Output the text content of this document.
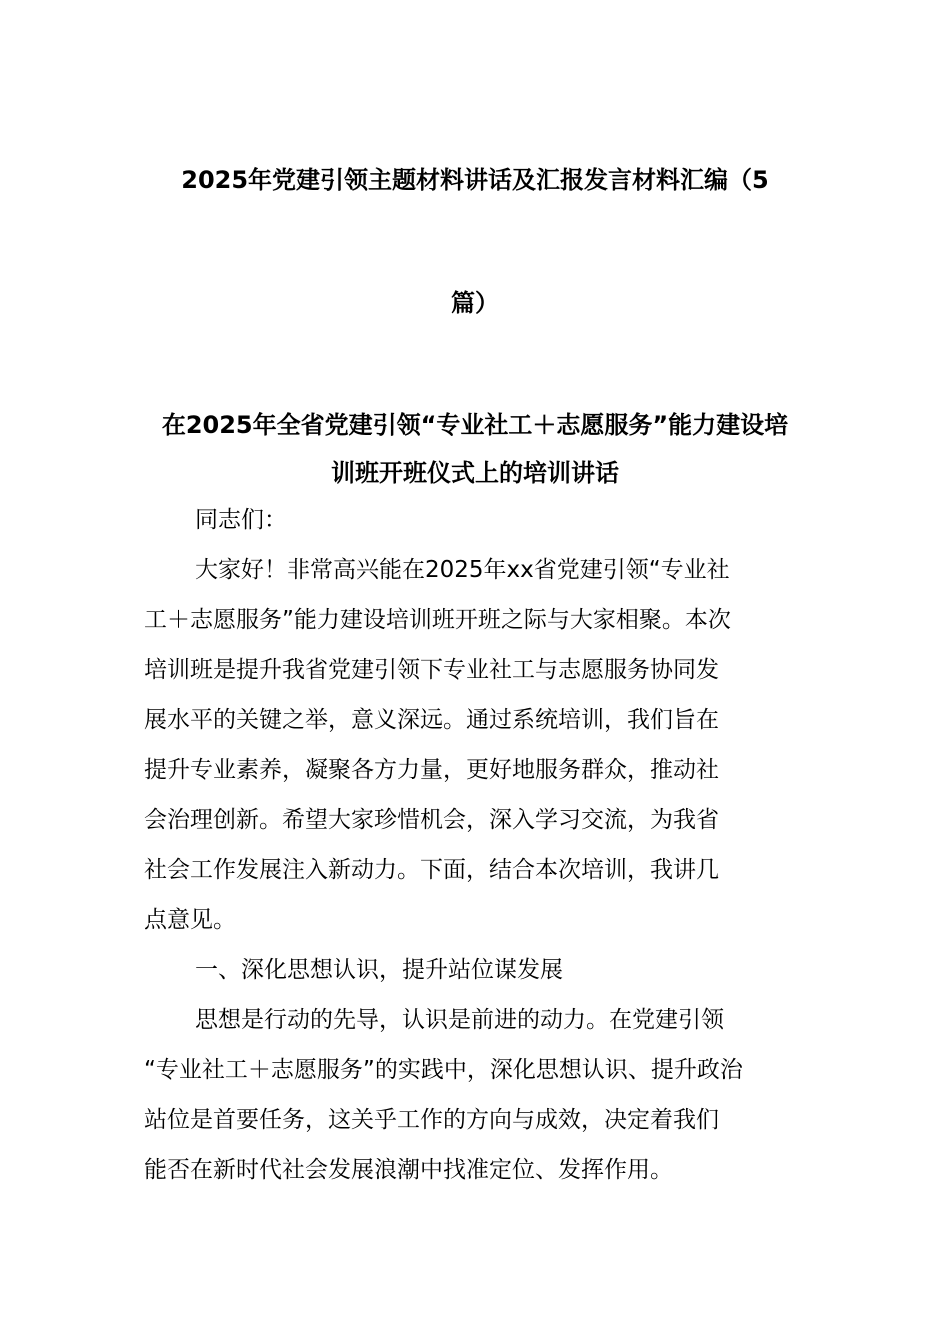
2025年党建引领主题材料讲话及汇报发言材料汇编（5
篇）
在2025年全省党建引领“专业社工＋志愿服务”能力建设培
训班开班仪式上的培训讲话
同志们：
大家好！非常高兴能在2025年xx省党建引领“专业社
工＋志愿服务”能力建设培训班开班之际与大家相聚。本次
培训班是提升我省党建引领下专业社工与志愿服务协同发
展水平的关键之举，意义深远。通过系统培训，我们旨在
提升专业素养，凝聚各方力量，更好地服务群众，推动社
会治理创新。希望大家珍惜机会，深入学习交流，为我省
社会工作发展注入新动力。下面，结合本次培训，我讲几
点意见。
一、深化思想认识，提升站位谋发展
思想是行动的先导，认识是前进的动力。在党建引领
“专业社工＋志愿服务”的实践中，深化思想认识、提升政治
站位是首要任务，这关乎工作的方向与成效，决定着我们
能否在新时代社会发展浪潮中找准定位、发挥作用。
